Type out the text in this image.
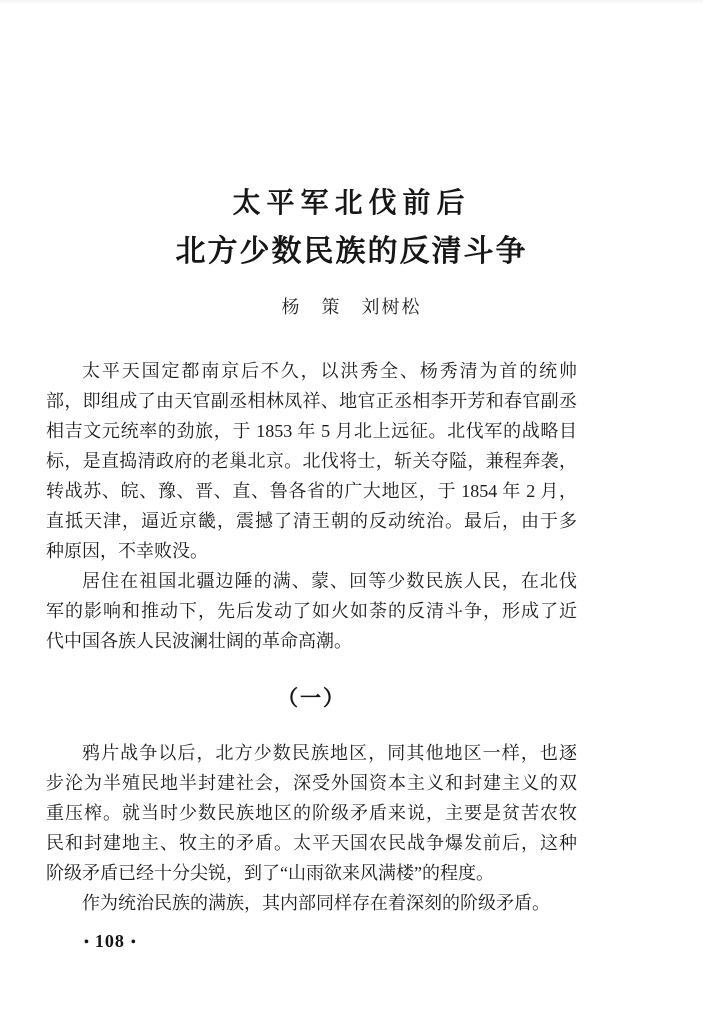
太平军北伐前后
北方少数民族的反清斗争
杨　策　刘树松
太平天国定都南京后不久，以洪秀全、杨秀清为首的统帅
部，即组成了由天官副丞相林凤祥、地官正丞相李开芳和春官副丞
相吉文元统率的劲旅，于 1853 年 5 月北上远征。北伐军的战略目
标，是直捣清政府的老巢北京。北伐将士，斩关夺隘，兼程奔袭，
转战苏、皖、豫、晋、直、鲁各省的广大地区，于 1854 年 2 月，
直抵天津，逼近京畿，震撼了清王朝的反动统治。最后，由于多
种原因，不幸败没。
居住在祖国北疆边陲的满、蒙、回等少数民族人民，在北伐
军的影响和推动下，先后发动了如火如荼的反清斗争，形成了近
代中国各族人民波澜壮阔的革命高潮。
（一）
鸦片战争以后，北方少数民族地区，同其他地区一样，也逐
步沦为半殖民地半封建社会，深受外国资本主义和封建主义的双
重压榨。就当时少数民族地区的阶级矛盾来说，主要是贫苦农牧
民和封建地主、牧主的矛盾。太平天国农民战争爆发前后，这种
阶级矛盾已经十分尖锐，到了“山雨欲来风满楼”的程度。
作为统治民族的满族，其内部同样存在着深刻的阶级矛盾。
• 108 •
